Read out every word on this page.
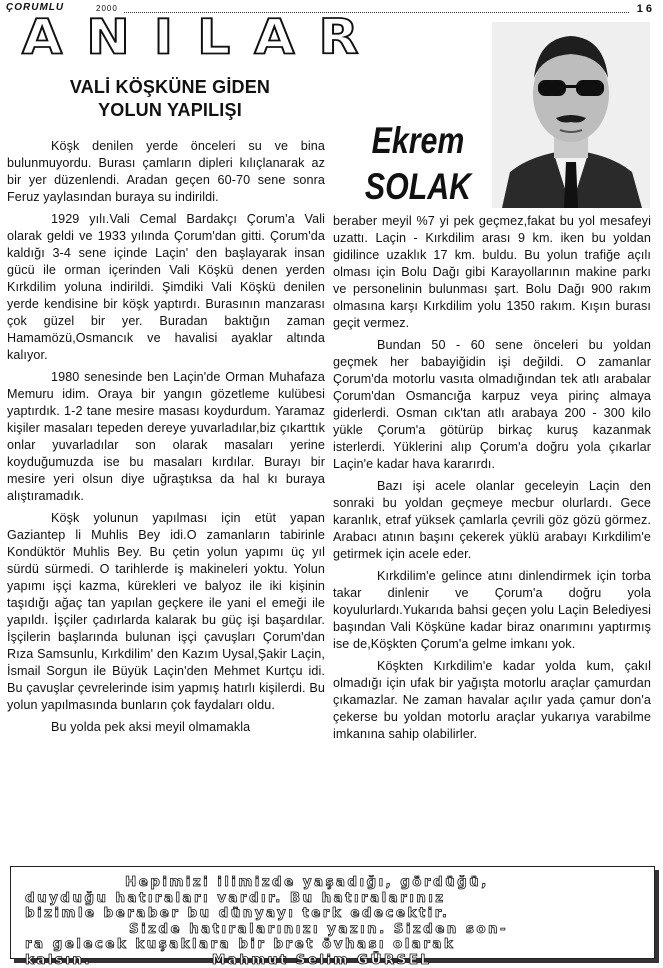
ÇORUMLU	2000	16
ANILAR
VALİ KÖŞKÜNE GİDEN
YOLUN YAPILIŞI
Ekrem
SOLAK

Köşk denilen yerde önceleri su ve bina bulunmuyordu. Burası çamların dipleri kılıçlanarak az bir yer düzenlendi. Aradan geçen 60-70 sene sonra Feruz yaylasından buraya su indirildi.

1929 yılı.Vali Cemal Bardakçı Çorum'a Vali olarak geldi ve 1933 yılında Çorum'dan gitti. Çorum'da kaldığı 3-4 sene içinde Laçin' den başlayarak insan gücü ile orman içerinden Vali Köşkü denen yerden Kırkdilim yoluna indirildi. Şimdiki Vali Köşkü denilen yerde kendisine bir köşk yaptırdı. Burasının manzarası çok güzel bir yer. Buradan baktığın zaman Hamamözü,Osmancık ve havalisi ayaklar altında kalıyor.

1980 senesinde ben Laçin'de Orman Muhafaza Memuru idim. Oraya bir yangın gözetleme kulübesi yaptırdık. 1-2 tane mesire masası koydurdum. Yaramaz kişiler masaları tepeden dereye yuvarladılar,biz çıkarttık onlar yuvarladılar son olarak masaları yerine koyduğumuzda ise bu masaları kırdılar. Burayı bir mesire yeri olsun diye uğraştıksa da hal kı buraya alıştıramadık.

Köşk yolunun yapılması için etüt yapan Gaziantep li Muhlis Bey idi.O zamanların tabirinle Kondüktör Muhlis Bey. Bu çetin yolun yapımı üç yıl sürdü sürmedi. O tarihlerde iş makineleri yoktu. Yolun yapımı işçi kazma, kürekleri ve balyoz ile iki kişinin taşıdığı ağaç tan yapılan geçkere ile yani el emeği ile yapıldı. İşçiler çadırlarda kalarak bu güç işi başardılar. İşçilerin başlarında bulunan işçi çavuşları Çorum'dan Rıza Samsunlu, Kırkdilim' den Kazım Uysal,Şakir Laçin, İsmail Sorgun ile Büyük Laçin'den Mehmet Kurtçu idi. Bu çavuşlar çevrelerinde isim yapmış hatırlı kişilerdi. Bu yolun yapılmasında bunların çok faydaları oldu.

Bu yolda pek aksi meyil olmamakla

beraber meyil %7 yi pek geçmez,fakat bu yol mesafeyi uzattı. Laçin - Kırkdilim arası 9 km. iken bu yoldan gidilince uzaklık 17 km. buldu. Bu yolun trafiğe açılı olması için Bolu Dağı gibi Karayollarının makine parkı ve personelinin bulunması şart. Bolu Dağı 900 rakım olmasına karşı Kırkdilim yolu 1350 rakım. Kışın burası geçit vermez.

Bundan 50 - 60 sene önceleri bu yoldan geçmek her babayiğidin işi değildi. O zamanlar Çorum'da motorlu vasıta olmadığından tek atlı arabalar Çorum'dan Osmancığa karpuz veya pirinç almaya giderlerdi. Osman cık'tan atlı arabaya 200 - 300 kilo yükle Çorum'a götürüp birkaç kuruş kazanmak isterlerdi. Yüklerini alıp Çorum'a doğru yola çıkarlar Laçin'e kadar hava kararırdı.

Bazı işi acele olanlar geceleyin Laçin den sonraki bu yoldan geçmeye mecbur olurlardı. Gece karanlık, etraf yüksek çamlarla çevrili göz gözü görmez. Arabacı atının başını çekerek yüklü arabayı Kırkdilim'e getirmek için acele eder.

Kırkdilim'e gelince atını dinlendirmek için torba takar dinlenir ve Çorum'a doğru yola koyulurlardı.Yukarıda bahsi geçen yolu Laçin Belediyesi başından Vali Köşküne kadar biraz onarımını yaptırmış ise de,Köşkten Çorum'a gelme imkanı yok.

Köşkten Kırkdilim'e kadar yolda kum, çakıl olmadığı için ufak bir yağışta motorlu araçlar çamurdan çıkamazlar. Ne zaman havalar açılır yada çamur don'a çekerse bu yoldan motorlu araçlar yukarıya varabilme imkanına sahip olabilirler.

Hepimizi ilimizde yaşadığı, gördüğü,
duyduğu hatıraları vardır. Bu hatıralarınız
bizimle beraber bu dünyayı terk edecektir.
Sizde hatıralarınızı yazın. Sizden son-
ra gelecek kuşaklara bir bret övhası olarak
kalsın.	Mahmut Selim GÜRSEL
